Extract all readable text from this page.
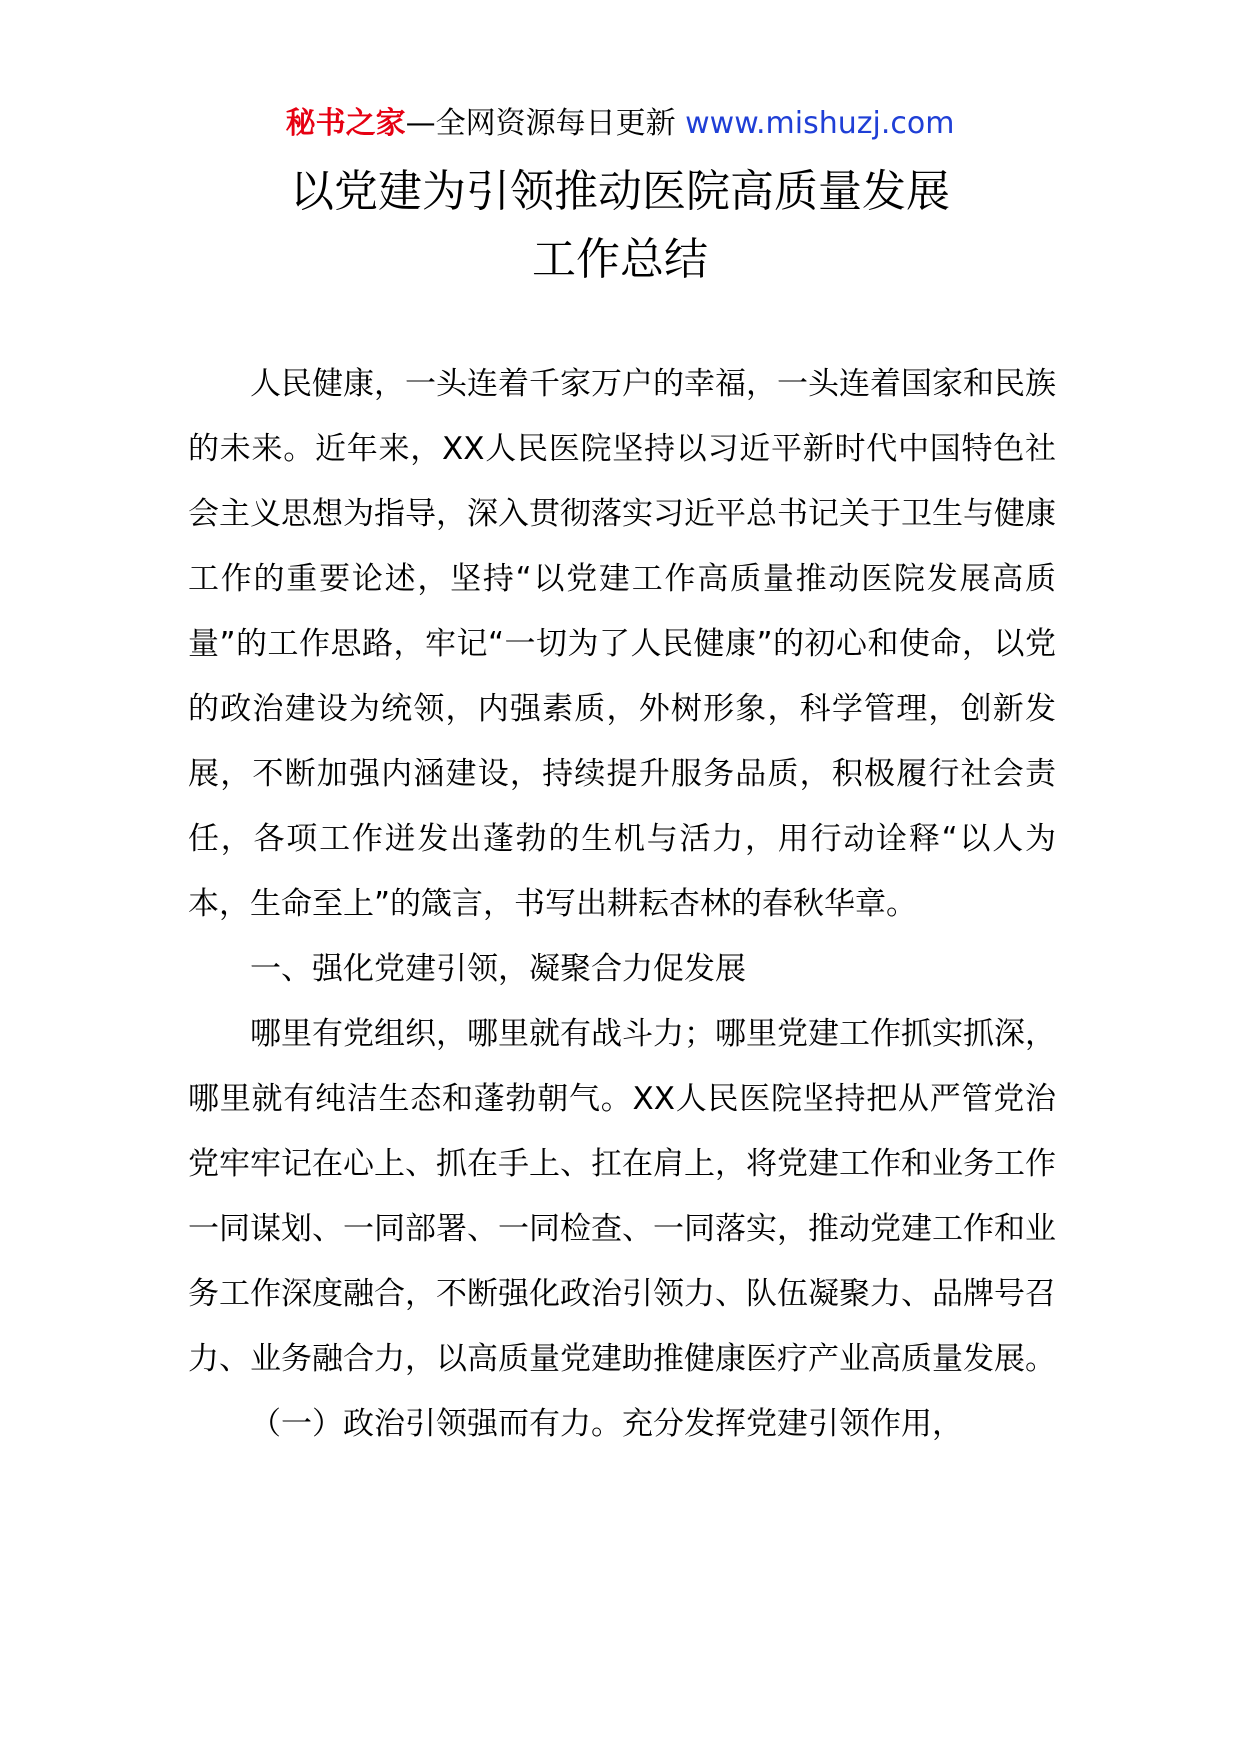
秘书之家—全网资源每日更新 www.mishuzj.com
以党建为引领推动医院高质量发展
工作总结

人民健康，一头连着千家万户的幸福，一头连着国家和民族的未来。近年来，XX人民医院坚持以习近平新时代中国特色社会主义思想为指导，深入贯彻落实习近平总书记关于卫生与健康工作的重要论述，坚持“以党建工作高质量推动医院发展高质量”的工作思路，牢记“一切为了人民健康”的初心和使命，以党的政治建设为统领，内强素质，外树形象，科学管理，创新发展，不断加强内涵建设，持续提升服务品质，积极履行社会责任，各项工作迸发出蓬勃的生机与活力，用行动诠释“以人为本，生命至上”的箴言，书写出耕耘杏林的春秋华章。

一、强化党建引领，凝聚合力促发展

哪里有党组织，哪里就有战斗力；哪里党建工作抓实抓深，哪里就有纯洁生态和蓬勃朝气。XX人民医院坚持把从严管党治党牢牢记在心上、抓在手上、扛在肩上，将党建工作和业务工作一同谋划、一同部署、一同检查、一同落实，推动党建工作和业务工作深度融合，不断强化政治引领力、队伍凝聚力、品牌号召力、业务融合力，以高质量党建助推健康医疗产业高质量发展。

（一）政治引领强而有力。充分发挥党建引领作用，
